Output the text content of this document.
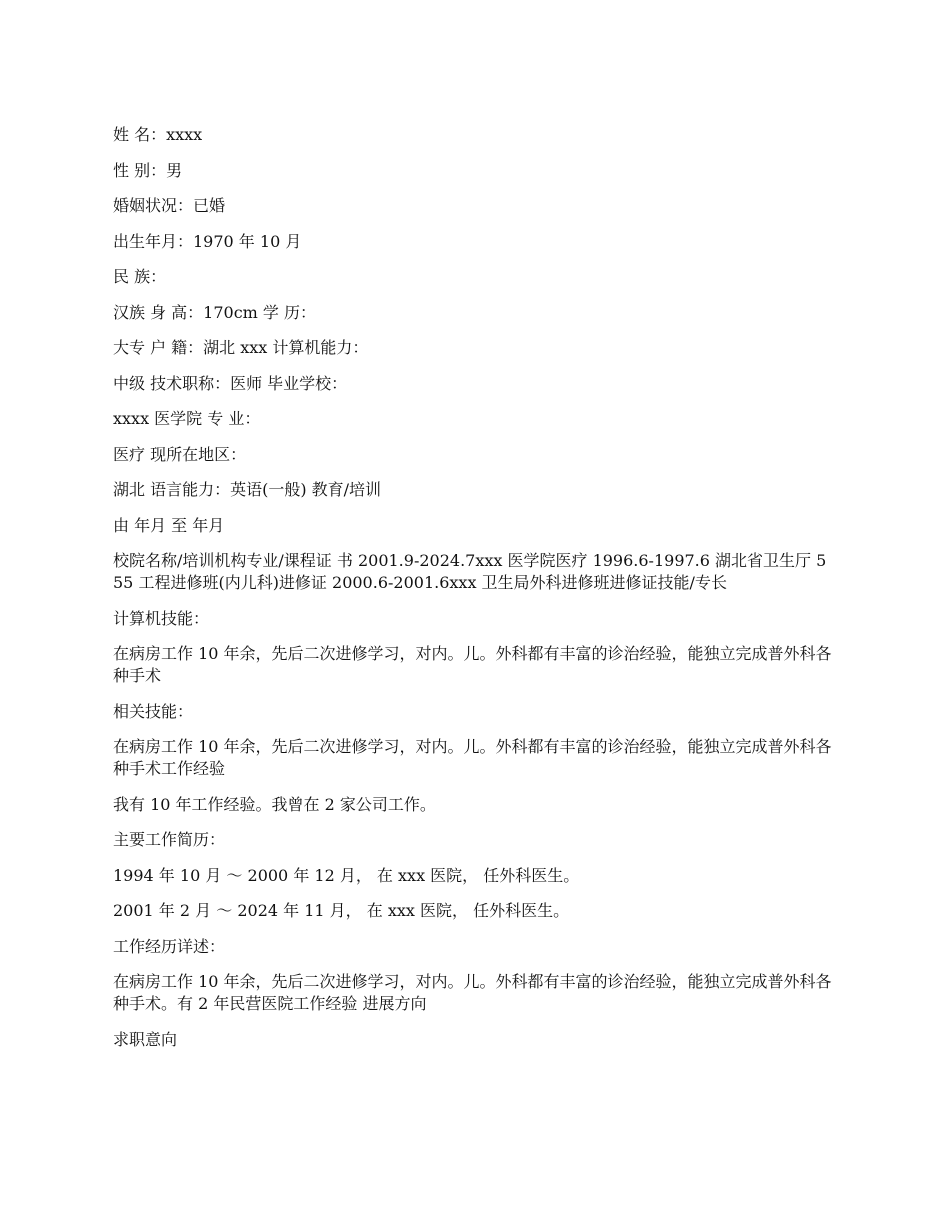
姓 名：xxxx

性 别：男

婚姻状况：已婚

出生年月：1970 年 10 月

民 族：

汉族 身 高：170cm 学 历：

大专 户 籍：湖北 xxx 计算机能力：

中级 技术职称：医师 毕业学校：

xxxx 医学院 专 业：

医疗 现所在地区：

湖北 语言能力：英语(一般) 教育/培训

由 年月 至 年月

校院名称/培训机构专业/课程证 书 2001.9-2024.7xxx 医学院医疗 1996.6-1997.6 湖北省卫生厅 555 工程进修班(内儿科)进修证 2000.6-2001.6xxx 卫生局外科进修班进修证技能/专长

计算机技能：

在病房工作 10 年余，先后二次进修学习，对内。儿。外科都有丰富的诊治经验，能独立完成普外科各种手术

相关技能：

在病房工作 10 年余，先后二次进修学习，对内。儿。外科都有丰富的诊治经验，能独立完成普外科各种手术工作经验

我有 10 年工作经验。我曾在 2 家公司工作。

主要工作简历：

1994 年 10 月 ～ 2000 年 12 月， 在 xxx 医院， 任外科医生。

2001 年 2 月 ～ 2024 年 11 月， 在 xxx 医院， 任外科医生。

工作经历详述：

在病房工作 10 年余，先后二次进修学习，对内。儿。外科都有丰富的诊治经验，能独立完成普外科各种手术。有 2 年民营医院工作经验 进展方向

求职意向
